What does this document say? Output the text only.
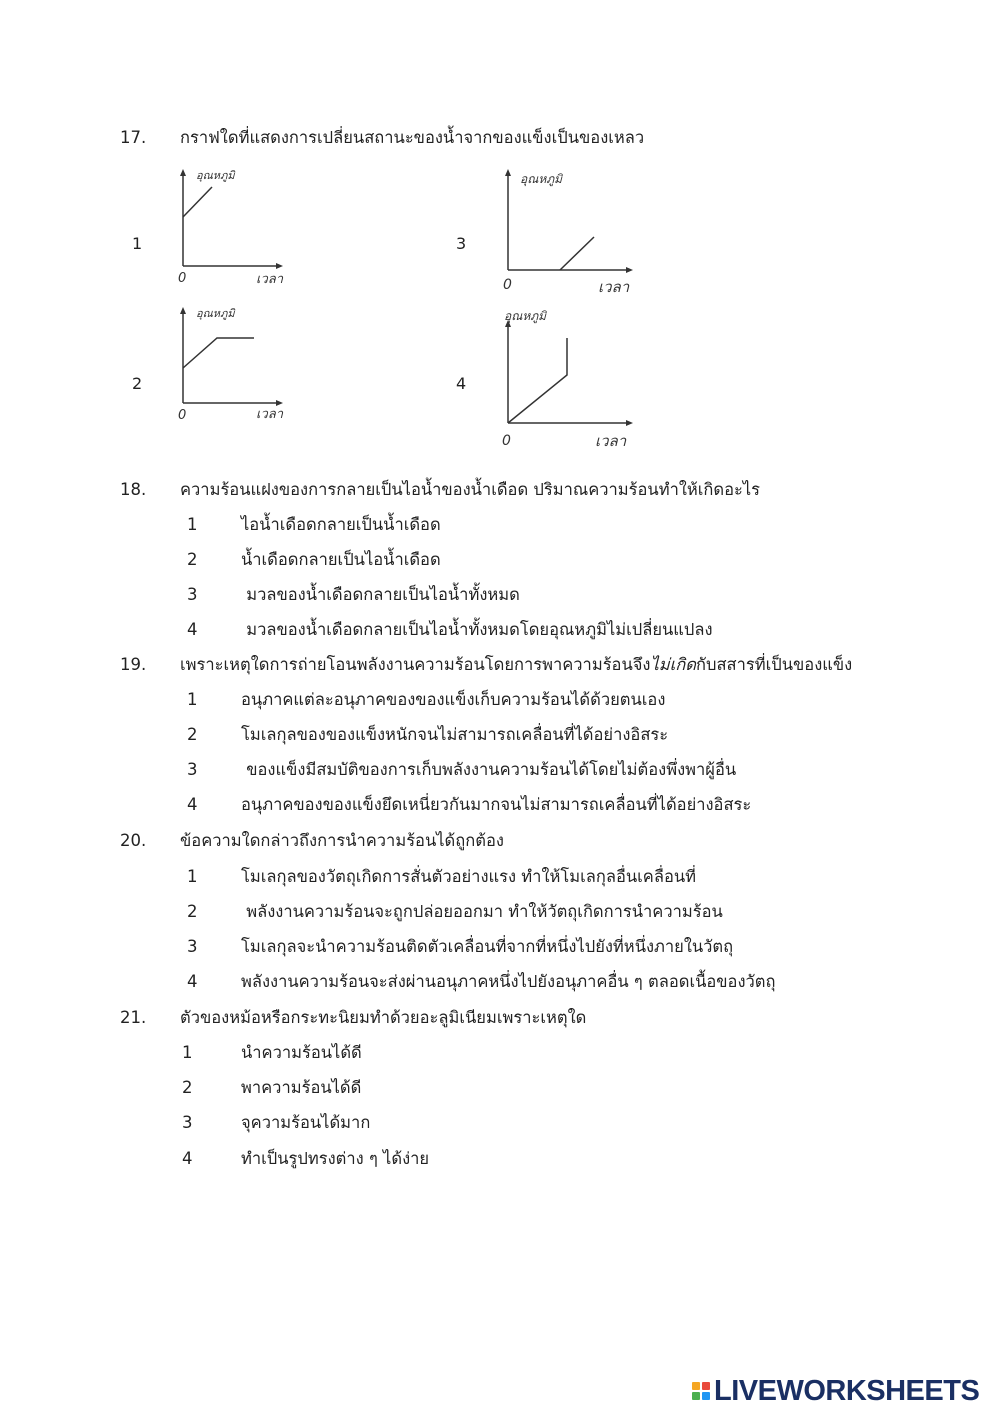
17. กราฟใดที่แสดงการเปลี่ยนสถานะของน้ำจากของแข็งเป็นของเหลว
1
อุณหภูมิ
0	เวลา
2
อุณหภูมิ
0	เวลา
3
อุณหภูมิ
0	เวลา
4
อุณหภูมิ
0	เวลา
18. ความร้อนแฝงของการกลายเป็นไอน้ำของน้ำเดือด ปริมาณความร้อนทำให้เกิดอะไร
1	ไอน้ำเดือดกลายเป็นน้ำเดือด
2	น้ำเดือดกลายเป็นไอน้ำเดือด
3	มวลของน้ำเดือดกลายเป็นไอน้ำทั้งหมด
4	มวลของน้ำเดือดกลายเป็นไอน้ำทั้งหมดโดยอุณหภูมิไม่เปลี่ยนแปลง
19. เพราะเหตุใดการถ่ายโอนพลังงานความร้อนโดยการพาความร้อนจึงไม่เกิดกับสสารที่เป็นของแข็ง
1	อนุภาคแต่ละอนุภาคของของแข็งเก็บความร้อนได้ด้วยตนเอง
2	โมเลกุลของของแข็งหนักจนไม่สามารถเคลื่อนที่ได้อย่างอิสระ
3	ของแข็งมีสมบัติของการเก็บพลังงานความร้อนได้โดยไม่ต้องพึ่งพาผู้อื่น
4	อนุภาคของของแข็งยึดเหนี่ยวกันมากจนไม่สามารถเคลื่อนที่ได้อย่างอิสระ
20. ข้อความใดกล่าวถึงการนำความร้อนได้ถูกต้อง
1	โมเลกุลของวัตถุเกิดการสั่นตัวอย่างแรง ทำให้โมเลกุลอื่นเคลื่อนที่
2	พลังงานความร้อนจะถูกปล่อยออกมา ทำให้วัตถุเกิดการนำความร้อน
3	โมเลกุลจะนำความร้อนติดตัวเคลื่อนที่จากที่หนึ่งไปยังที่หนึ่งภายในวัตถุ
4	พลังงานความร้อนจะส่งผ่านอนุภาคหนึ่งไปยังอนุภาคอื่น ๆ ตลอดเนื้อของวัตถุ
21. ตัวของหม้อหรือกระทะนิยมทำด้วยอะลูมิเนียมเพราะเหตุใด
1	นำความร้อนได้ดี
2	พาความร้อนได้ดี
3	จุความร้อนได้มาก
4	ทำเป็นรูปทรงต่าง ๆ ได้ง่าย
LIVEWORKSHEETS
